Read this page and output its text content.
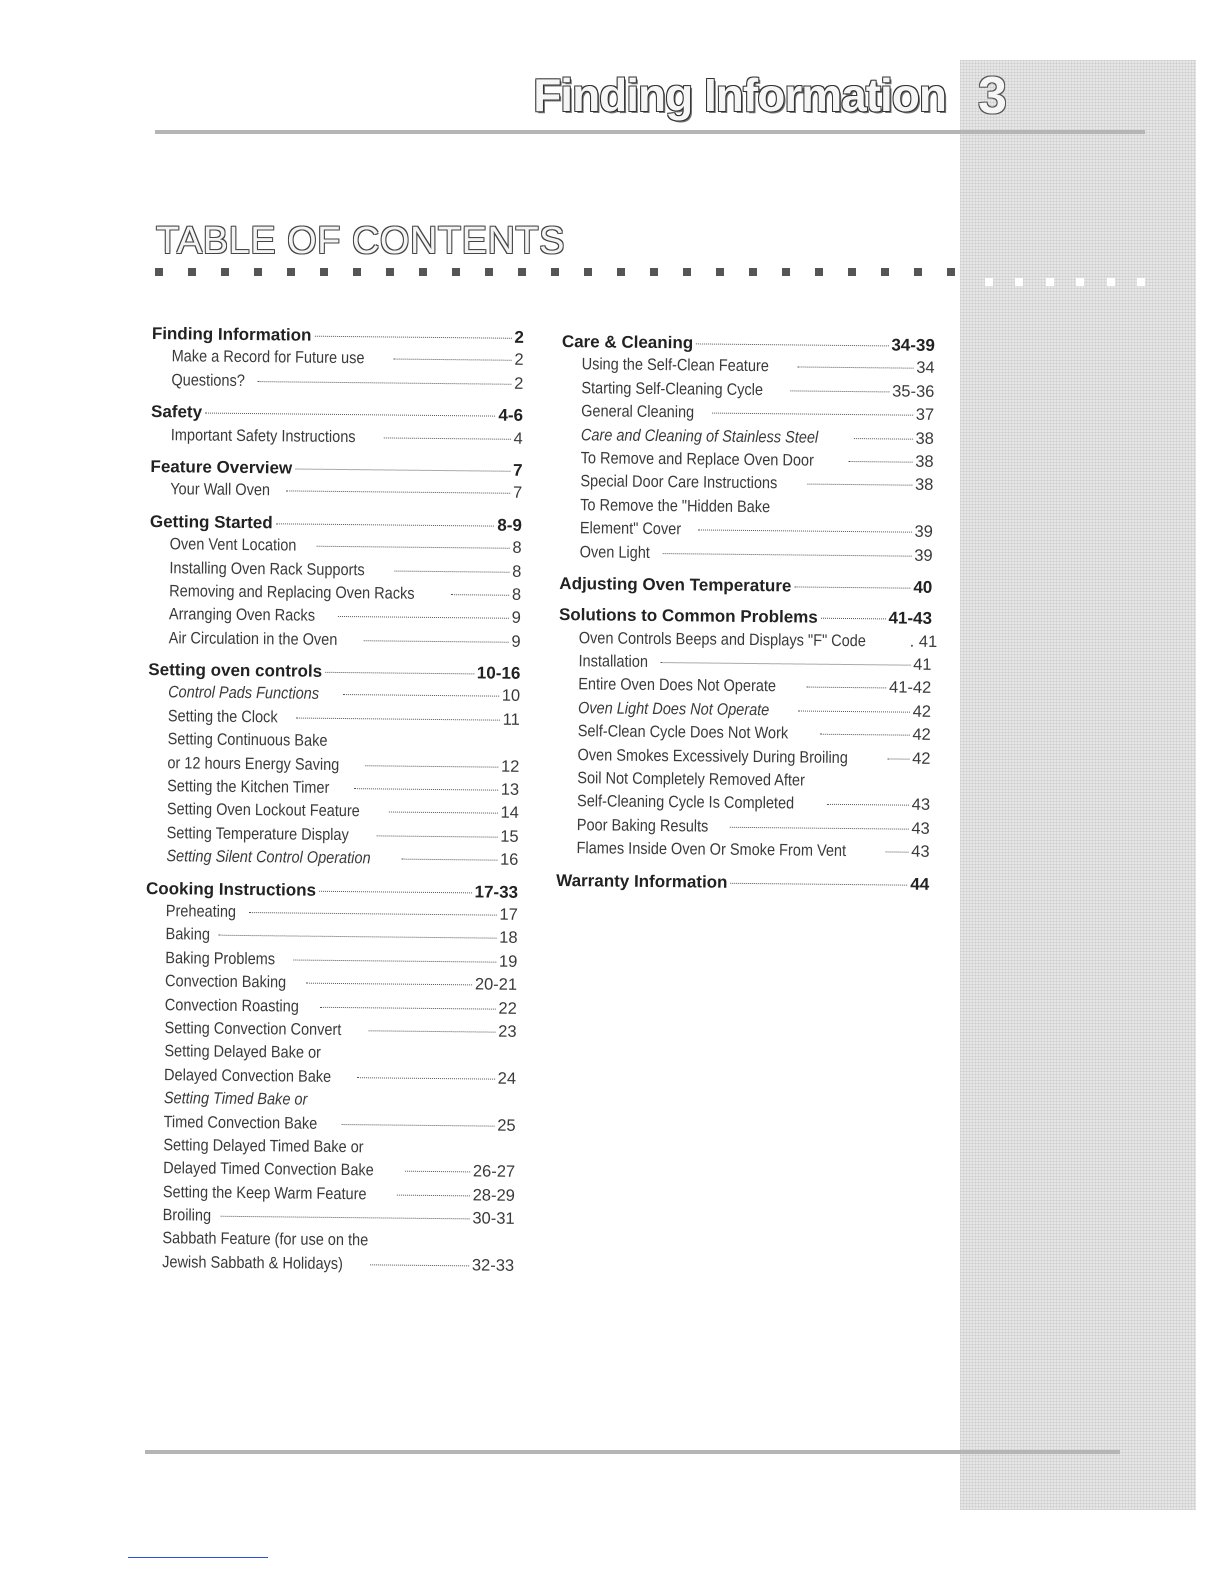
3
Finding Information
TABLE OF CONTENTS
Finding Information	2
Make a Record for Future use	2
Questions?	2
Safety	4-6
Important Safety Instructions	4
Feature Overview	7
Your Wall Oven	7
Getting Started	8-9
Oven Vent Location	8
Installing Oven Rack Supports	8
Removing and Replacing Oven Racks	8
Arranging Oven Racks	9
Air Circulation in the Oven	9
Setting oven controls	10-16
Control Pads Functions	10
Setting the Clock	11
Setting Continuous Bake
or 12 hours Energy Saving	12
Setting the Kitchen Timer	13
Setting Oven Lockout Feature	14
Setting Temperature Display	15
Setting Silent Control Operation	16
Cooking Instructions	17-33
Preheating	17
Baking	18
Baking Problems	19
Convection Baking	20-21
Convection Roasting	22
Setting Convection Convert	23
Setting Delayed Bake or
Delayed Convection Bake	24
Setting Timed Bake or
Timed Convection Bake	25
Setting Delayed Timed Bake or
Delayed Timed Convection Bake	26-27
Setting the Keep Warm Feature	28-29
Broiling	30-31
Sabbath Feature (for use on the
Jewish Sabbath & Holidays)	32-33
Care & Cleaning	34-39
Using the Self-Clean Feature	34
Starting Self-Cleaning Cycle	35-36
General Cleaning	37
Care and Cleaning of Stainless Steel	38
To Remove and Replace Oven Door	38
Special Door Care Instructions	38
To Remove the "Hidden Bake
Element" Cover	39
Oven Light	39
Adjusting Oven Temperature	40
Solutions to Common Problems	41-43
Oven Controls Beeps and Displays "F" Code . 41
Installation	41
Entire Oven Does Not Operate	41-42
Oven Light Does Not Operate	42
Self-Clean Cycle Does Not Work	42
Oven Smokes Excessively During Broiling	42
Soil Not Completely Removed After
Self-Cleaning Cycle Is Completed	43
Poor Baking Results	43
Flames Inside Oven Or Smoke From Vent	43
Warranty Information	44
